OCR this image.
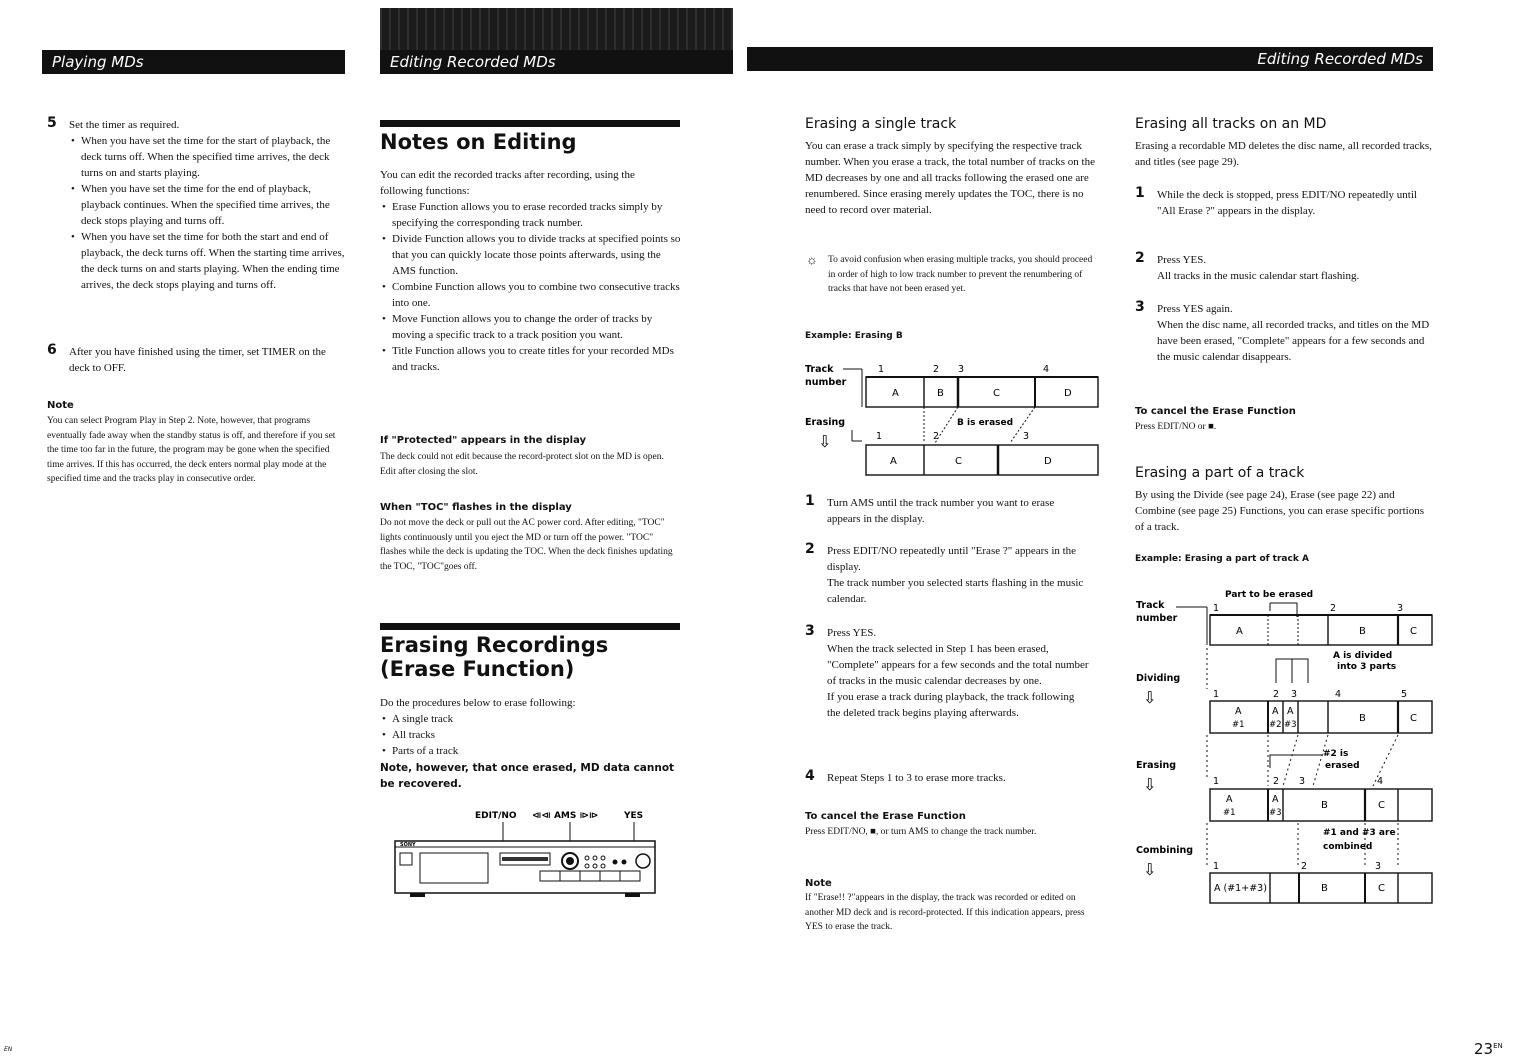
Playing MDs	Editing Recorded MDs	Editing Recorded MDs
5 Set the timer as required.
• When you have set the time for the start of playback, the deck turns off. When the specified time arrives, the deck turns on and starts playing.
• When you have set the time for the end of playback, playback continues. When the specified time arrives, the deck stops playing and turns off.
• When you have set the time for both the start and end of playback, the deck turns off. When the starting time arrives, the deck turns on and starts playing. When the ending time arrives, the deck stops playing and turns off.
6 After you have finished using the timer, set TIMER on the deck to OFF.
Note
You can select Program Play in Step 2. Note, however, that programs eventually fade away when the standby status is off, and therefore if you set the time too far in the future, the program may be gone when the specified time arrives. If this has occurred, the deck enters normal play mode at the specified time and the tracks play in consecutive order.
Notes on Editing
You can edit the recorded tracks after recording, using the following functions:
• Erase Function allows you to erase recorded tracks simply by specifying the corresponding track number.
• Divide Function allows you to divide tracks at specified points so that you can quickly locate those points afterwards, using the AMS function.
• Combine Function allows you to combine two consecutive tracks into one.
• Move Function allows you to change the order of tracks by moving a specific track to a track position you want.
• Title Function allows you to create titles for your recorded MDs and tracks.
If "Protected" appears in the display
The deck could not edit because the record-protect slot on the MD is open. Edit after closing the slot.
When "TOC" flashes in the display
Do not move the deck or pull out the AC power cord. After editing, "TOC" lights continuously until you eject the MD or turn off the power. "TOC" flashes while the deck is updating the TOC. When the deck finishes updating the TOC, "TOC"goes off.
Erasing Recordings
(Erase Function)
Do the procedures below to erase following:
• A single track
• All tracks
• Parts of a track
Note, however, that once erased, MD data cannot be recovered.
EDIT/NO ⧏⧏ AMS ⧐⧐	YES
SONY
Erasing a single track
You can erase a track simply by specifying the respective track number. When you erase a track, the total number of tracks on the MD decreases by one and all tracks following the erased one are renumbered. Since erasing merely updates the TOC, there is no need to record over material.
☼ To avoid confusion when erasing multiple tracks, you should proceed in order of high to low track number to prevent the renumbering of tracks that have not been erased yet.
Example: Erasing B
Track
number
1	2 3	4
A	B	C	D
Erasing
⇩
B is erased
1	2	3
A	C	D
1 Turn AMS until the track number you want to erase appears in the display.
2 Press EDIT/NO repeatedly until "Erase ?" appears in the display.
The track number you selected starts flashing in the music calendar.
3 Press YES.
When the track selected in Step 1 has been erased, "Complete" appears for a few seconds and the total number of tracks in the music calendar decreases by one.
If you erase a track during playback, the track following the deleted track begins playing afterwards.
4 Repeat Steps 1 to 3 to erase more tracks.
To cancel the Erase Function
Press EDIT/NO, ■, or turn AMS to change the track number.
Note
If "Erase!! ?"appears in the display, the track was recorded or edited on another MD deck and is record-protected. If this indication appears, press YES to erase the track.
Erasing all tracks on an MD
Erasing a recordable MD deletes the disc name, all recorded tracks, and titles (see page 29).
1 While the deck is stopped, press EDIT/NO repeatedly until "All Erase ?" appears in the display.
2 Press YES.
All tracks in the music calendar start flashing.
3 Press YES again.
When the disc name, all recorded tracks, and titles on the MD have been erased, "Complete" appears for a few seconds and the music calendar disappears.
To cancel the Erase Function
Press EDIT/NO or ■.
Erasing a part of a track
By using the Divide (see page 24), Erase (see page 22) and Combine (see page 25) Functions, you can erase specific portions of a track.
Example: Erasing a part of track A
Part to be erased
Track
number
1	2	3
A	B	C
Dividing
⇩
A is divided
into 3 parts
1	2 3	4	5
A
#1
A
#2
A
#3
B	C
Erasing
⇩
#2 is
erased
1	2 3	4
A
#1
A
#3
B	C
Combining
⇩
#1 and #3 are
combined
1	2	3
A (#1+#3)	B	C
EN	$23^{EN}$
